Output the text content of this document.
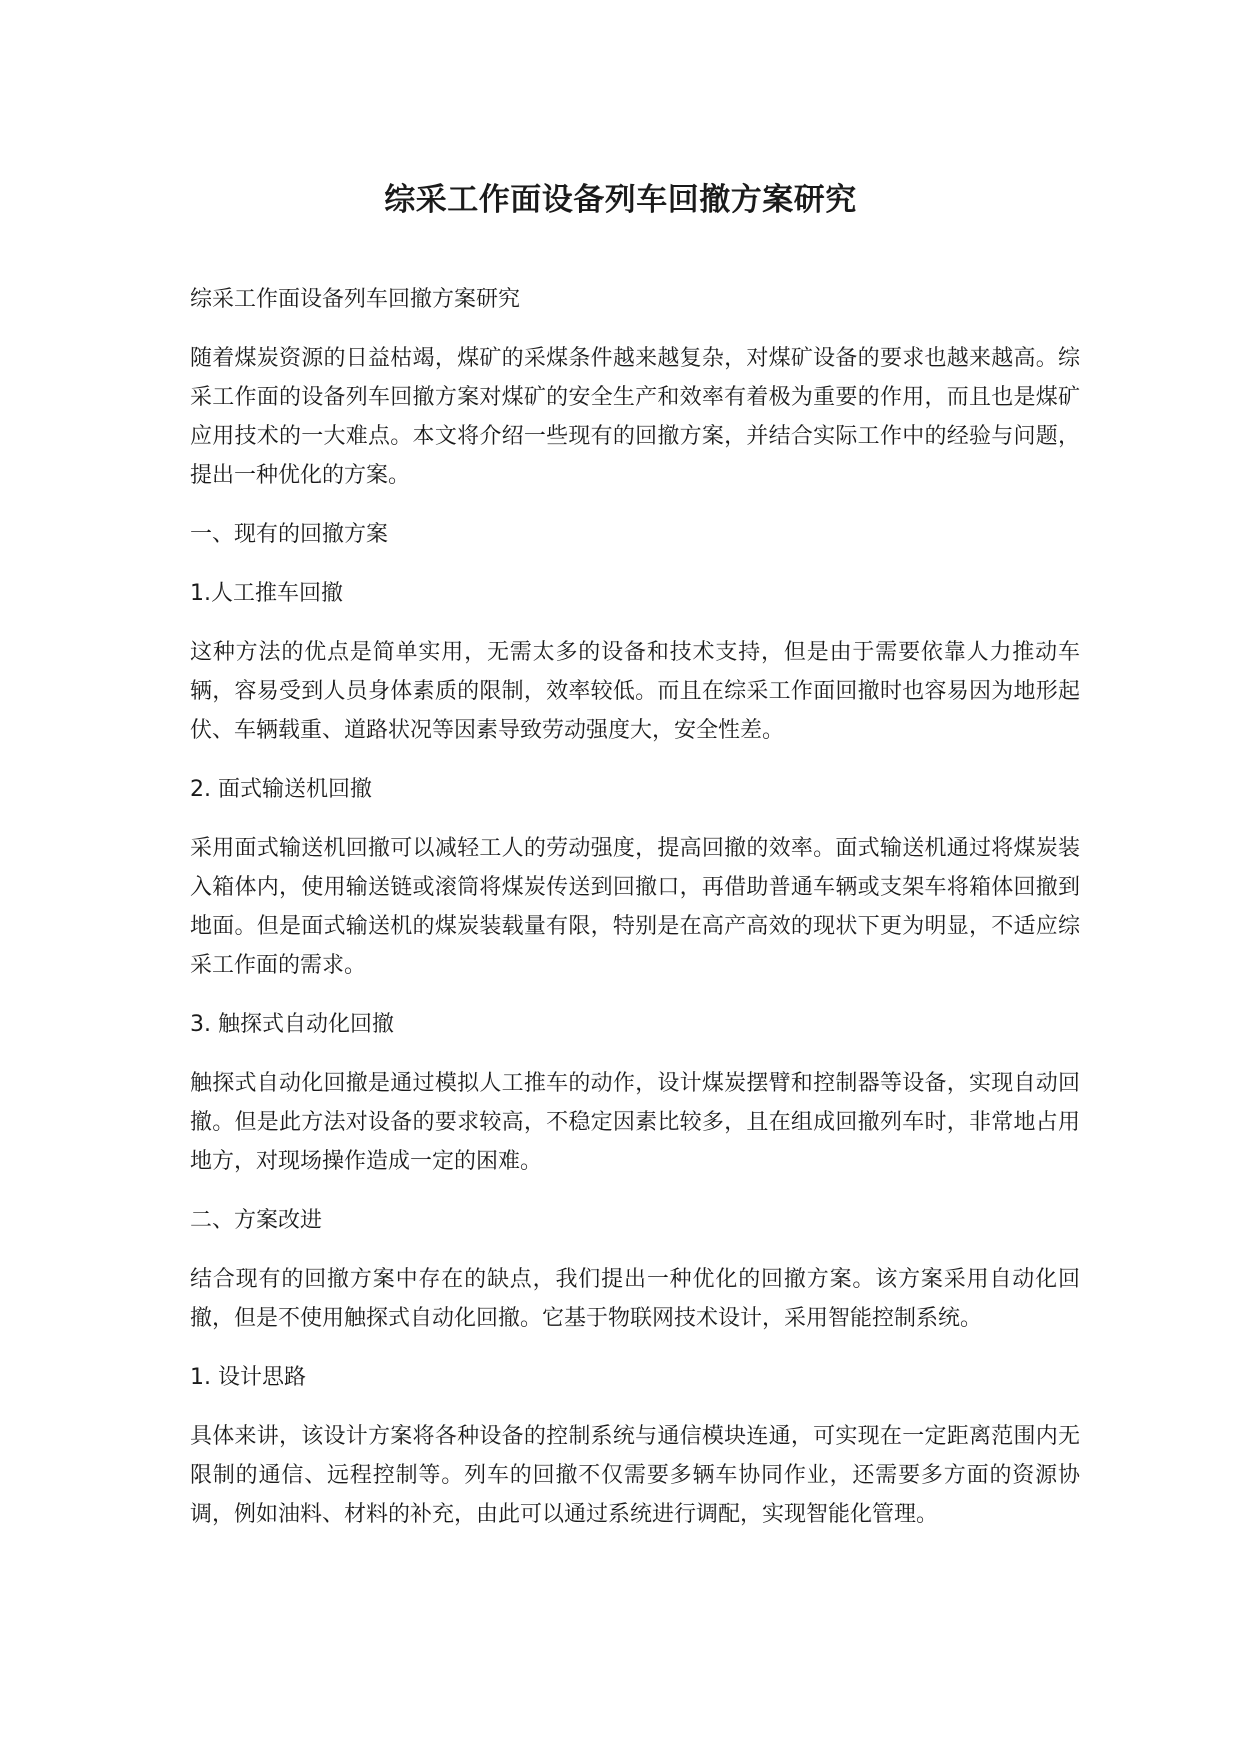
综采工作面设备列车回撤方案研究

综采工作面设备列车回撤方案研究

随着煤炭资源的日益枯竭，煤矿的采煤条件越来越复杂，对煤矿设备的要求也越来越高。综采工作面的设备列车回撤方案对煤矿的安全生产和效率有着极为重要的作用，而且也是煤矿应用技术的一大难点。本文将介绍一些现有的回撤方案，并结合实际工作中的经验与问题，提出一种优化的方案。

一、现有的回撤方案

1.人工推车回撤

这种方法的优点是简单实用，无需太多的设备和技术支持，但是由于需要依靠人力推动车辆，容易受到人员身体素质的限制，效率较低。而且在综采工作面回撤时也容易因为地形起伏、车辆载重、道路状况等因素导致劳动强度大，安全性差。

2. 面式输送机回撤

采用面式输送机回撤可以减轻工人的劳动强度，提高回撤的效率。面式输送机通过将煤炭装入箱体内，使用输送链或滚筒将煤炭传送到回撤口，再借助普通车辆或支架车将箱体回撤到地面。但是面式输送机的煤炭装载量有限，特别是在高产高效的现状下更为明显，不适应综采工作面的需求。

3. 触探式自动化回撤

触探式自动化回撤是通过模拟人工推车的动作，设计煤炭摆臂和控制器等设备，实现自动回撤。但是此方法对设备的要求较高，不稳定因素比较多，且在组成回撤列车时，非常地占用地方，对现场操作造成一定的困难。

二、方案改进

结合现有的回撤方案中存在的缺点，我们提出一种优化的回撤方案。该方案采用自动化回撤，但是不使用触探式自动化回撤。它基于物联网技术设计，采用智能控制系统。

1. 设计思路

具体来讲，该设计方案将各种设备的控制系统与通信模块连通，可实现在一定距离范围内无限制的通信、远程控制等。列车的回撤不仅需要多辆车协同作业，还需要多方面的资源协调，例如油料、材料的补充，由此可以通过系统进行调配，实现智能化管理。
